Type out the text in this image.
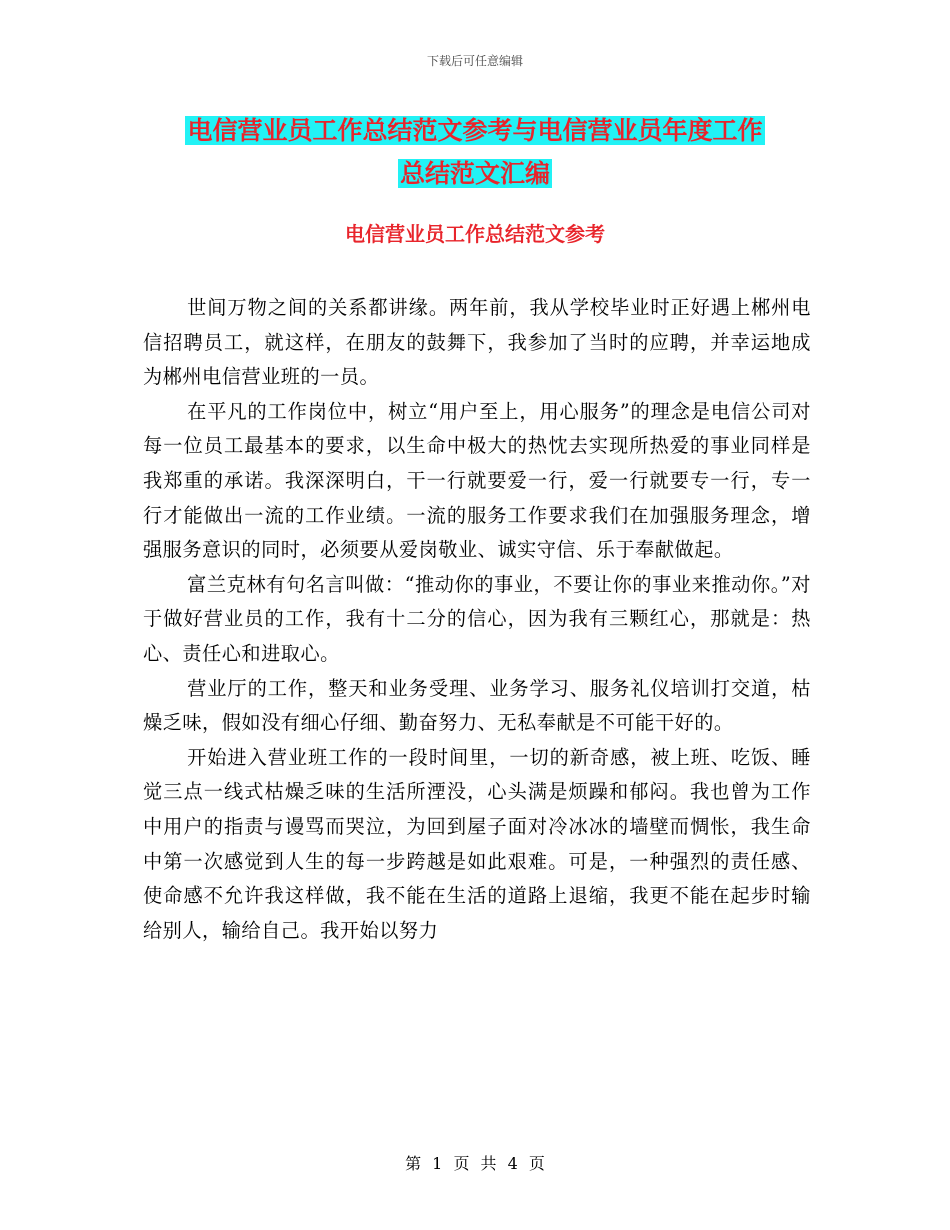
下载后可任意编辑
电信营业员工作总结范文参考与电信营业员年度工作
总结范文汇编
电信营业员工作总结范文参考

世间万物之间的关系都讲缘。两年前，我从学校毕业时正好遇上郴州电信招聘员工，就这样，在朋友的鼓舞下，我参加了当时的应聘，并幸运地成为郴州电信营业班的一员。

在平凡的工作岗位中，树立“用户至上，用心服务”的理念是电信公司对每一位员工最基本的要求，以生命中极大的热忱去实现所热爱的事业同样是我郑重的承诺。我深深明白，干一行就要爱一行，爱一行就要专一行，专一行才能做出一流的工作业绩。一流的服务工作要求我们在加强服务理念，增强服务意识的同时，必须要从爱岗敬业、诚实守信、乐于奉献做起。

富兰克林有句名言叫做：“推动你的事业，不要让你的事业来推动你。”对于做好营业员的工作，我有十二分的信心，因为我有三颗红心，那就是：热心、责任心和进取心。

营业厅的工作，整天和业务受理、业务学习、服务礼仪培训打交道，枯燥乏味，假如没有细心仔细、勤奋努力、无私奉献是不可能干好的。

开始进入营业班工作的一段时间里，一切的新奇感，被上班、吃饭、睡觉三点一线式枯燥乏味的生活所湮没，心头满是烦躁和郁闷。我也曾为工作中用户的指责与谩骂而哭泣，为回到屋子面对冷冰冰的墙壁而惆怅，我生命中第一次感觉到人生的每一步跨越是如此艰难。可是，一种强烈的责任感、使命感不允许我这样做，我不能在生活的道路上退缩，我更不能在起步时输给别人，输给自己。我开始以努力

第 1 页 共 4 页
